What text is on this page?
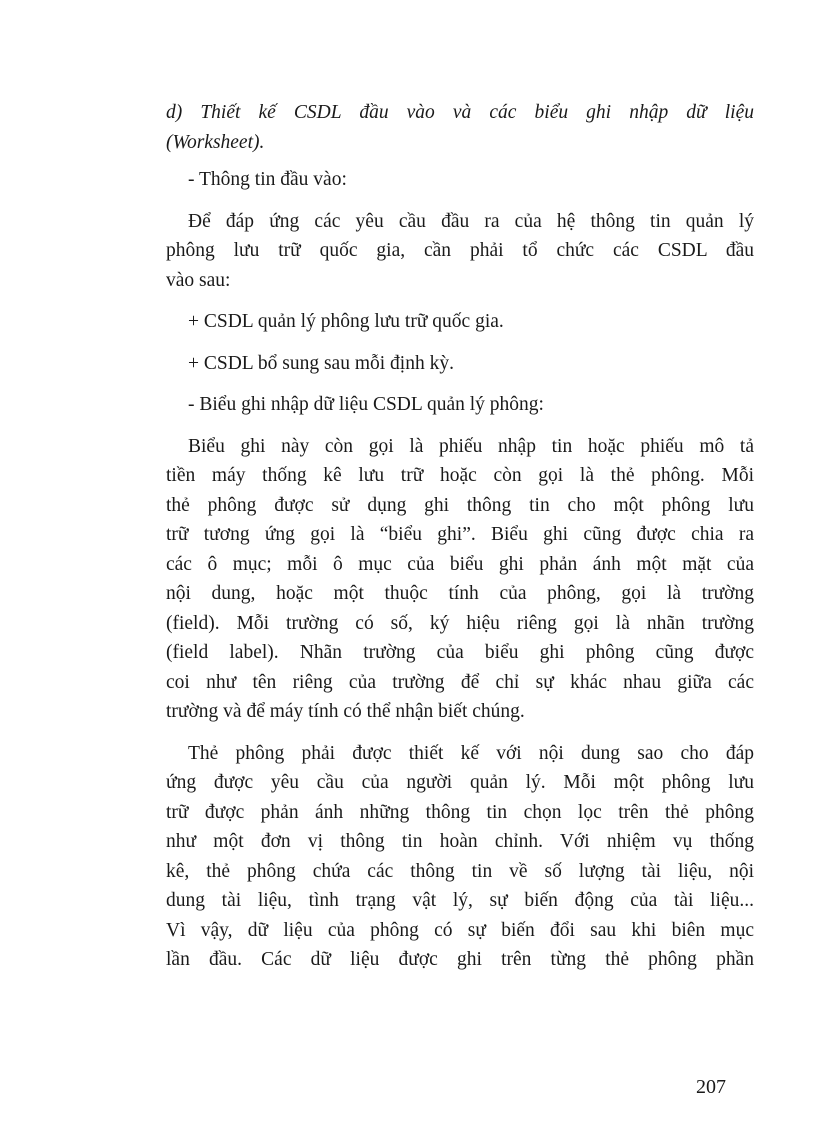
d) Thiết kế CSDL đầu vào và các biểu ghi nhập dữ liệu

(Worksheet).

- Thông tin đầu vào:

Để đáp ứng các yêu cầu đầu ra của hệ thông tin quản lý

phông lưu trữ quốc gia, cần phải tổ chức các CSDL đầu

vào sau:

+ CSDL quản lý phông lưu trữ quốc gia.

+ CSDL bổ sung sau mỗi định kỳ.

- Biểu ghi nhập dữ liệu CSDL quản lý phông:

Biểu ghi này còn gọi là phiếu nhập tin hoặc phiếu mô tả

tiền máy thống kê lưu trữ hoặc còn gọi là thẻ phông. Mỗi

thẻ phông được sử dụng ghi thông tin cho một phông lưu

trữ tương ứng gọi là “biểu ghi”. Biểu ghi cũng được chia ra

các ô mục; mỗi ô mục của biểu ghi phản ánh một mặt của

nội dung, hoặc một thuộc tính của phông, gọi là trường

(field). Mỗi trường có số, ký hiệu riêng gọi là nhãn trường

(field label). Nhãn trường của biểu ghi phông cũng được

coi như tên riêng của trường để chỉ sự khác nhau giữa các

trường và để máy tính có thể nhận biết chúng.

Thẻ phông phải được thiết kế với nội dung sao cho đáp

ứng được yêu cầu của người quản lý. Mỗi một phông lưu

trữ được phản ánh những thông tin chọn lọc trên thẻ phông

như một đơn vị thông tin hoàn chỉnh. Với nhiệm vụ thống

kê, thẻ phông chứa các thông tin về số lượng tài liệu, nội

dung tài liệu, tình trạng vật lý, sự biến động của tài liệu...

Vì vậy, dữ liệu của phông có sự biến đổi sau khi biên mục

lần đầu. Các dữ liệu được ghi trên từng thẻ phông phần

207
